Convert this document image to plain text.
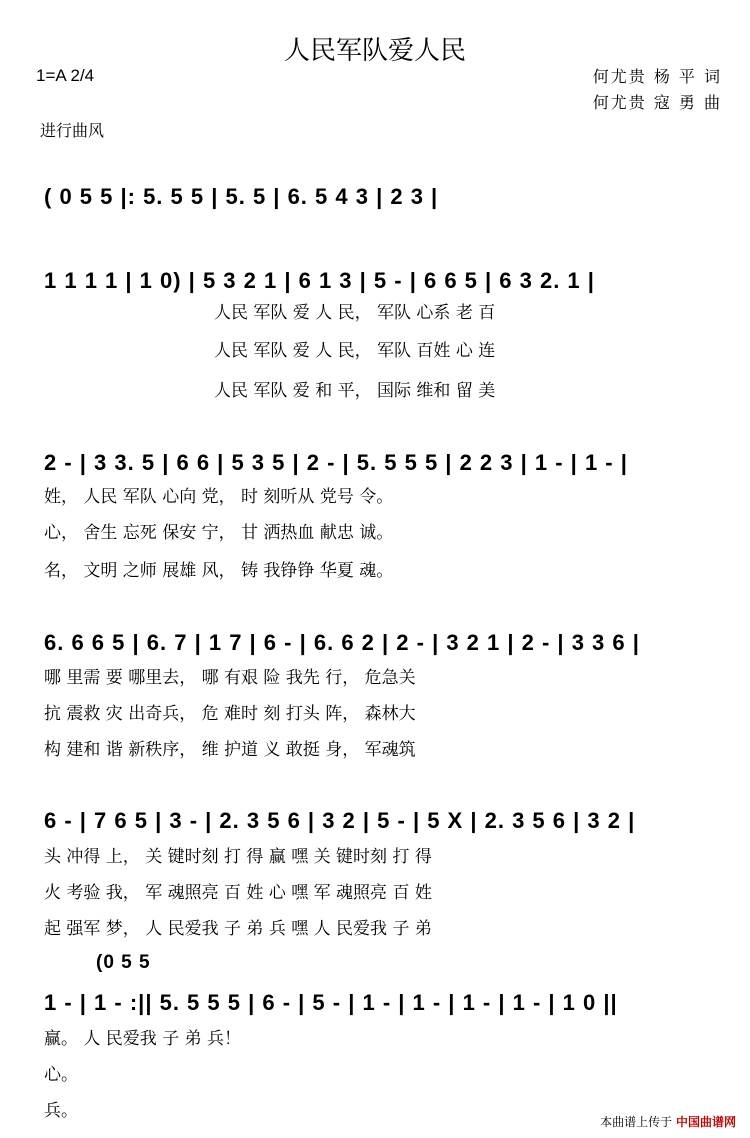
人民军队爱人民
1=A 2/4
进行曲风
何尤贵 杨 平 词
何尤贵 寇 勇 曲
( 0 5 5 |: 5. 5 5 | 5. 5 | 6. 5 4 3 | 2 3 |
1 1 1 1 | 1 0) | 5 3 2 1 | 6 1 3 | 5 - | 6 6 5 | 6 3 2. 1 |
人民 军队 爱 人 民， 军队 心系 老 百
人民 军队 爱 人 民， 军队 百姓 心 连
人民 军队 爱 和 平， 国际 维和 留 美
2 - | 3 3. 5 | 6 6 | 5 3 5 | 2 - | 5. 5 5 5 | 2 2 3 | 1 - | 1 - |
姓， 人民 军队 心向 党， 时 刻听从 党号 令。
心， 舍生 忘死 保安 宁， 甘 洒热血 献忠 诚。
名， 文明 之师 展雄 风， 铸 我铮铮 华夏 魂。
6. 6 6 5 | 6. 7 | 1 7 | 6 - | 6. 6 2 | 2 - | 3 2 1 | 2 - | 3 3 6 |
哪 里需 要 哪里去， 哪 有艰 险 我先 行， 危急关
抗 震救 灾 出奇兵， 危 难时 刻 打头 阵， 森林大
构 建和 谐 新秩序， 维 护道 义 敢挺 身， 军魂筑
6 - | 7 6 5 | 3 - | 2. 3 5 6 | 3 2 | 5 - | 5 X | 2. 3 5 6 | 3 2 |
头 冲得 上， 关 键时刻 打 得 赢 嘿 关 键时刻 打 得
火 考验 我， 军 魂照亮 百 姓 心 嘿 军 魂照亮 百 姓
起 强军 梦， 人 民爱我 子 弟 兵 嘿 人 民爱我 子 弟
(0 5 5
1 - | 1 - :|| 5. 5 5 5 | 6 - | 5 - | 1 - | 1 - | 1 - | 1 - | 1 0 ||
赢。 人 民爱我 子 弟 兵！
心。
兵。
本曲谱上传于 中国曲谱网
